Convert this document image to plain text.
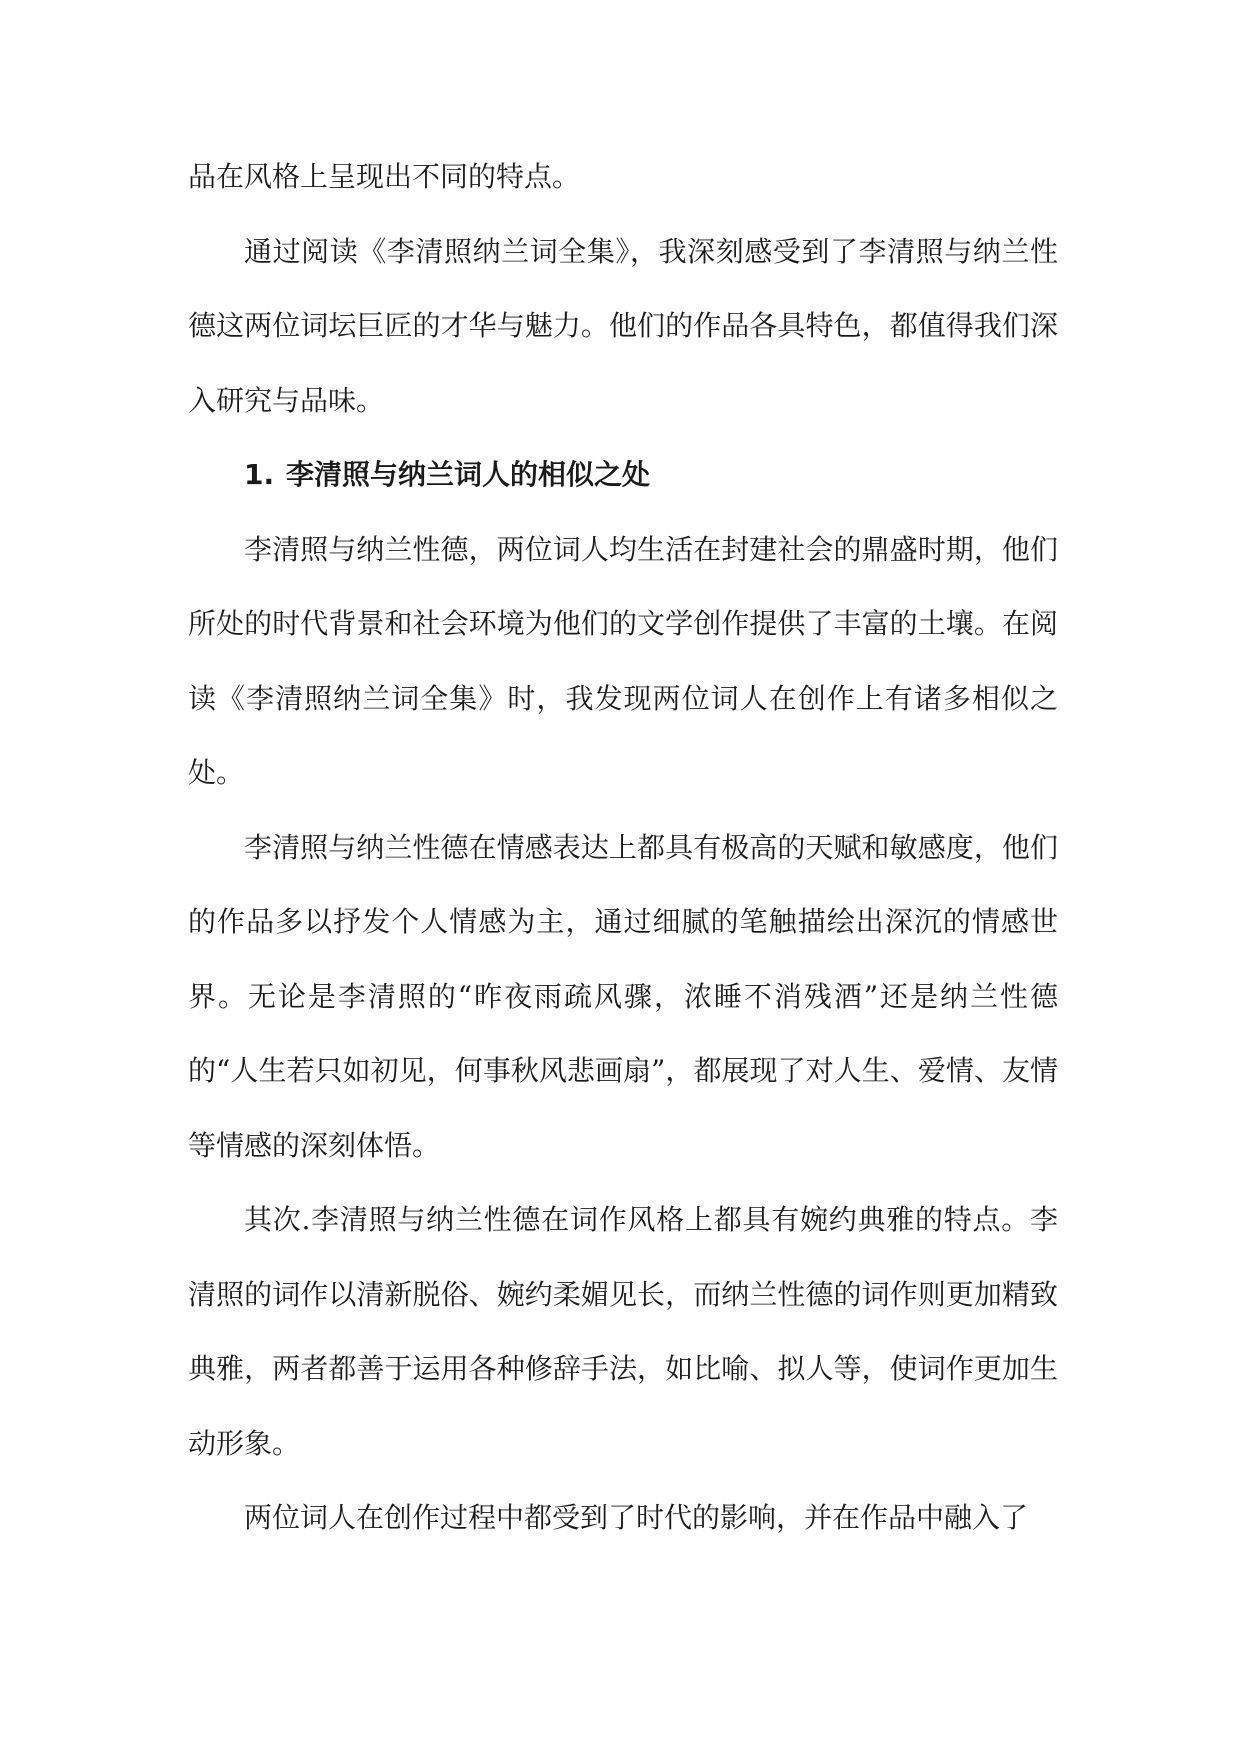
品在风格上呈现出不同的特点。

通过阅读《李清照纳兰词全集》，我深刻感受到了李清照与纳兰性德这两位词坛巨匠的才华与魅力。他们的作品各具特色，都值得我们深入研究与品味。

1. 李清照与纳兰词人的相似之处

李清照与纳兰性德，两位词人均生活在封建社会的鼎盛时期，他们所处的时代背景和社会环境为他们的文学创作提供了丰富的土壤。在阅读《李清照纳兰词全集》时，我发现两位词人在创作上有诸多相似之处。

李清照与纳兰性德在情感表达上都具有极高的天赋和敏感度，他们的作品多以抒发个人情感为主，通过细腻的笔触描绘出深沉的情感世界。无论是李清照的“昨夜雨疏风骤，浓睡不消残酒”还是纳兰性德的“人生若只如初见，何事秋风悲画扇”，都展现了对人生、爱情、友情等情感的深刻体悟。

其次.李清照与纳兰性德在词作风格上都具有婉约典雅的特点。李清照的词作以清新脱俗、婉约柔媚见长，而纳兰性德的词作则更加精致典雅，两者都善于运用各种修辞手法，如比喻、拟人等，使词作更加生动形象。

两位词人在创作过程中都受到了时代的影响，并在作品中融入了
